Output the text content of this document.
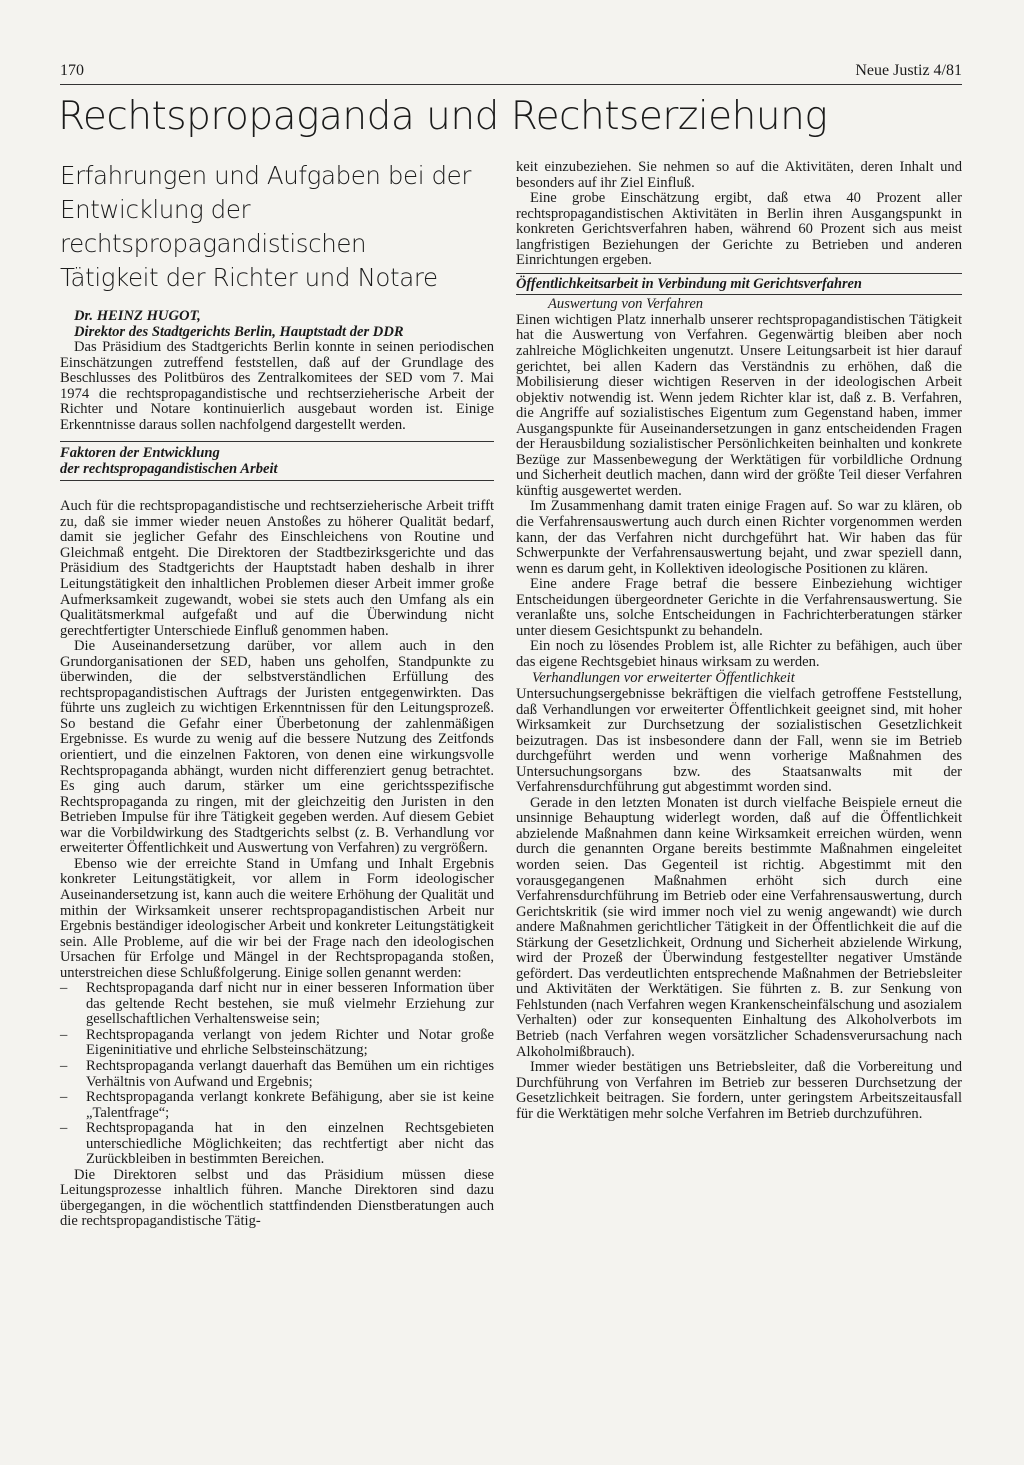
170	Neue Justiz 4/81
Rechtspropaganda und Rechtserziehung
Erfahrungen und Aufgaben bei der
Entwicklung der rechtspropagandistischen
Tätigkeit der Richter und Notare

Dr. HEINZ HUGOT,

Direktor des Stadtgerichts Berlin, Hauptstadt der DDR

Das Präsidium des Stadtgerichts Berlin konnte in seinen periodischen Einschätzungen zutreffend feststellen, daß auf der Grundlage des Beschlusses des Politbüros des Zentralkomitees der SED vom 7. Mai 1974 die rechtspropagandistische und rechtserzieherische Arbeit der Richter und Notare kontinuierlich ausgebaut worden ist. Einige Erkenntnisse daraus sollen nachfolgend dargestellt werden.

Faktoren der Entwicklung
der rechtspropagandistischen Arbeit

Auch für die rechtspropagandistische und rechtserzieherische Arbeit trifft zu, daß sie immer wieder neuen Anstoßes zu höherer Qualität bedarf, damit sie jeglicher Gefahr des Einschleichens von Routine und Gleichmaß entgeht. Die Direktoren der Stadtbezirksgerichte und das Präsidium des Stadtgerichts der Hauptstadt haben deshalb in ihrer Leitungstätigkeit den inhaltlichen Problemen dieser Arbeit immer große Aufmerksamkeit zugewandt, wobei sie stets auch den Umfang als ein Qualitätsmerkmal aufgefaßt und auf die Überwindung nicht gerechtfertigter Unterschiede Einfluß genommen haben.

Die Auseinandersetzung darüber, vor allem auch in den Grundorganisationen der SED, haben uns geholfen, Standpunkte zu überwinden, die der selbstverständlichen Erfüllung des rechtspropagandistischen Auftrags der Juristen entgegenwirkten. Das führte uns zugleich zu wichtigen Erkenntnissen für den Leitungsprozeß. So bestand die Gefahr einer Überbetonung der zahlenmäßigen Ergebnisse. Es wurde zu wenig auf die bessere Nutzung des Zeitfonds orientiert, und die einzelnen Faktoren, von denen eine wirkungsvolle Rechtspropaganda abhängt, wurden nicht differenziert genug betrachtet. Es ging auch darum, stärker um eine gerichtsspezifische Rechtspropaganda zu ringen, mit der gleichzeitig den Juristen in den Betrieben Impulse für ihre Tätigkeit gegeben werden. Auf diesem Gebiet war die Vorbildwirkung des Stadtgerichts selbst (z. B. Verhandlung vor erweiterter Öffentlichkeit und Auswertung von Verfahren) zu vergrößern.

Ebenso wie der erreichte Stand in Umfang und Inhalt Ergebnis konkreter Leitungstätigkeit, vor allem in Form ideologischer Auseinandersetzung ist, kann auch die weitere Erhöhung der Qualität und mithin der Wirksamkeit unserer rechtspropagandistischen Arbeit nur Ergebnis beständiger ideologischer Arbeit und konkreter Leitungstätigkeit sein. Alle Probleme, auf die wir bei der Frage nach den ideologischen Ursachen für Erfolge und Mängel in der Rechtspropaganda stoßen, unterstreichen diese Schlußfolgerung. Einige sollen genannt werden:

– Rechtspropaganda darf nicht nur in einer besseren Information über das geltende Recht bestehen, sie muß vielmehr Erziehung zur gesellschaftlichen Verhaltensweise sein;
– Rechtspropaganda verlangt von jedem Richter und Notar große Eigeninitiative und ehrliche Selbsteinschätzung;
– Rechtspropaganda verlangt dauerhaft das Bemühen um ein richtiges Verhältnis von Aufwand und Ergebnis;
– Rechtspropaganda verlangt konkrete Befähigung, aber sie ist keine „Talentfrage“;
– Rechtspropaganda hat in den einzelnen Rechtsgebieten unterschiedliche Möglichkeiten; das rechtfertigt aber nicht das Zurückbleiben in bestimmten Bereichen.

Die Direktoren selbst und das Präsidium müssen diese Leitungsprozesse inhaltlich führen. Manche Direktoren sind dazu übergegangen, in die wöchentlich stattfindenden Dienstberatungen auch die rechtspropagandistische Tätig-

keit einzubeziehen. Sie nehmen so auf die Aktivitäten, deren Inhalt und besonders auf ihr Ziel Einfluß.

Eine grobe Einschätzung ergibt, daß etwa 40 Prozent aller rechtspropagandistischen Aktivitäten in Berlin ihren Ausgangspunkt in konkreten Gerichtsverfahren haben, während 60 Prozent sich aus meist langfristigen Beziehungen der Gerichte zu Betrieben und anderen Einrichtungen ergeben.

Öffentlichkeitsarbeit in Verbindung mit Gerichtsverfahren
Auswertung von Verfahren

Einen wichtigen Platz innerhalb unserer rechtspropagandistischen Tätigkeit hat die Auswertung von Verfahren. Gegenwärtig bleiben aber noch zahlreiche Möglichkeiten ungenutzt. Unsere Leitungsarbeit ist hier darauf gerichtet, bei allen Kadern das Verständnis zu erhöhen, daß die Mobilisierung dieser wichtigen Reserven in der ideologischen Arbeit objektiv notwendig ist. Wenn jedem Richter klar ist, daß z. B. Verfahren, die Angriffe auf sozialistisches Eigentum zum Gegenstand haben, immer Ausgangspunkte für Auseinandersetzungen in ganz entscheidenden Fragen der Herausbildung sozialistischer Persönlichkeiten beinhalten und konkrete Bezüge zur Massenbewegung der Werktätigen für vorbildliche Ordnung und Sicherheit deutlich machen, dann wird der größte Teil dieser Verfahren künftig ausgewertet werden.

Im Zusammenhang damit traten einige Fragen auf. So war zu klären, ob die Verfahrensauswertung auch durch einen Richter vorgenommen werden kann, der das Verfahren nicht durchgeführt hat. Wir haben das für Schwerpunkte der Verfahrensauswertung bejaht, und zwar speziell dann, wenn es darum geht, in Kollektiven ideologische Positionen zu klären.

Eine andere Frage betraf die bessere Einbeziehung wichtiger Entscheidungen übergeordneter Gerichte in die Verfahrensauswertung. Sie veranlaßte uns, solche Entscheidungen in Fachrichterberatungen stärker unter diesem Gesichtspunkt zu behandeln.

Ein noch zu lösendes Problem ist, alle Richter zu befähigen, auch über das eigene Rechtsgebiet hinaus wirksam zu werden.

Verhandlungen vor erweiterter Öffentlichkeit

Untersuchungsergebnisse bekräftigen die vielfach getroffene Feststellung, daß Verhandlungen vor erweiterter Öffentlichkeit geeignet sind, mit hoher Wirksamkeit zur Durchsetzung der sozialistischen Gesetzlichkeit beizutragen. Das ist insbesondere dann der Fall, wenn sie im Betrieb durchgeführt werden und wenn vorherige Maßnahmen des Untersuchungsorgans bzw. des Staatsanwalts mit der Verfahrensdurchführung gut abgestimmt worden sind.

Gerade in den letzten Monaten ist durch vielfache Beispiele erneut die unsinnige Behauptung widerlegt worden, daß auf die Öffentlichkeit abzielende Maßnahmen dann keine Wirksamkeit erreichen würden, wenn durch die genannten Organe bereits bestimmte Maßnahmen eingeleitet worden seien. Das Gegenteil ist richtig. Abgestimmt mit den vorausgegangenen Maßnahmen erhöht sich durch eine Verfahrensdurchführung im Betrieb oder eine Verfahrensauswertung, durch Gerichtskritik (sie wird immer noch viel zu wenig angewandt) wie durch andere Maßnahmen gerichtlicher Tätigkeit in der Öffentlichkeit die auf die Stärkung der Gesetzlichkeit, Ordnung und Sicherheit abzielende Wirkung, wird der Prozeß der Überwindung festgestellter negativer Umstände gefördert. Das verdeutlichten entsprechende Maßnahmen der Betriebsleiter und Aktivitäten der Werktätigen. Sie führten z. B. zur Senkung von Fehlstunden (nach Verfahren wegen Krankenscheinfälschung und asozialem Verhalten) oder zur konsequenten Einhaltung des Alkoholverbots im Betrieb (nach Verfahren wegen vorsätzlicher Schadensverursachung nach Alkoholmißbrauch).

Immer wieder bestätigen uns Betriebsleiter, daß die Vorbereitung und Durchführung von Verfahren im Betrieb zur besseren Durchsetzung der Gesetzlichkeit beitragen. Sie fordern, unter geringstem Arbeitszeitausfall für die Werktätigen mehr solche Verfahren im Betrieb durchzuführen.
